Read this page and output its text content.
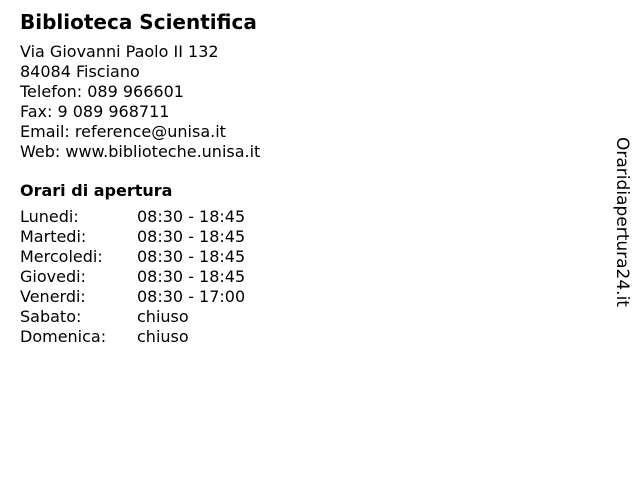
Biblioteca Scientifica
Via Giovanni Paolo II 132
84084 Fisciano
Telefon: 089 966601
Fax: 9 089 968711
Email: reference@unisa.it
Web: www.biblioteche.unisa.it
Orari di apertura
Lunedi:	08:30 - 18:45
Martedi:	08:30 - 18:45
Mercoledi:	08:30 - 18:45
Giovedi:	08:30 - 18:45
Venerdi:	08:30 - 17:00
Sabato:	chiuso
Domenica:	chiuso
Oraridiapertura24.it
